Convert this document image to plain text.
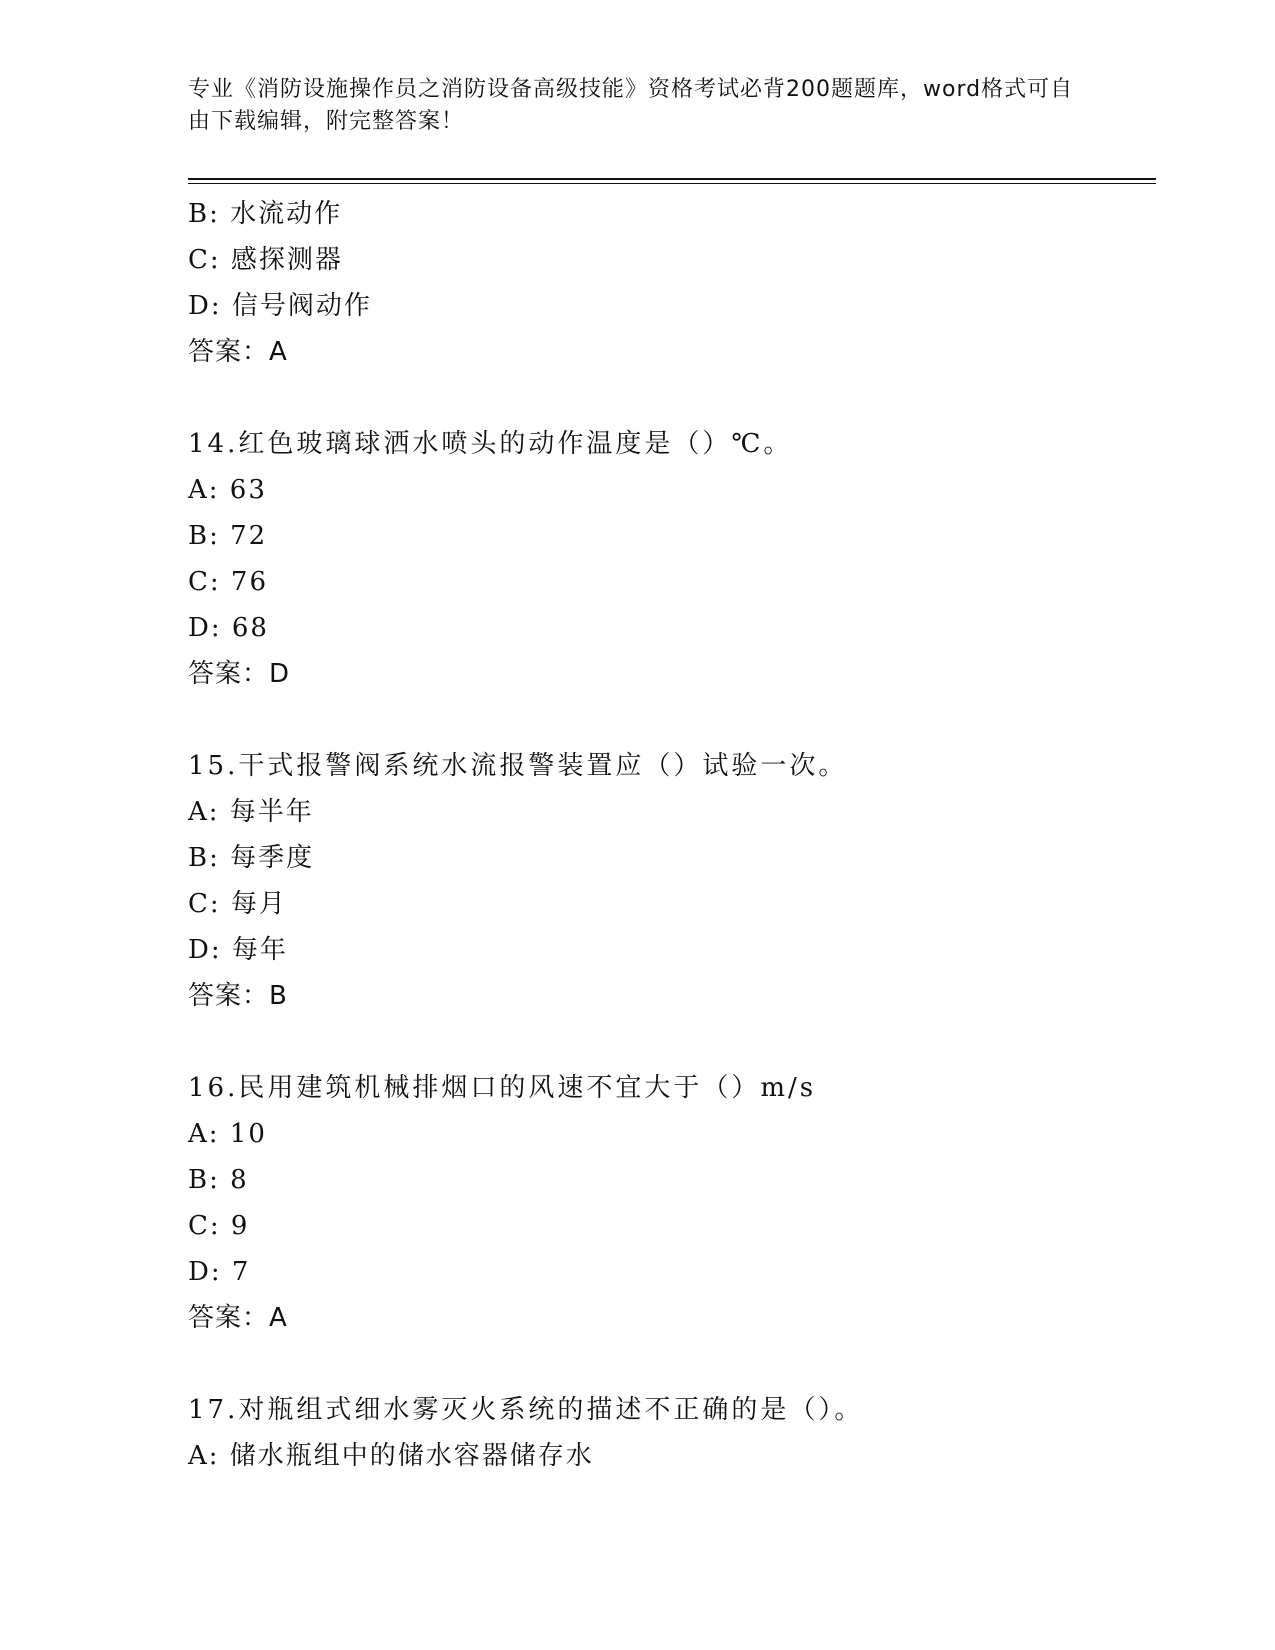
专业《消防设施操作员之消防设备高级技能》资格考试必背200题题库，word格式可自由下载编辑，附完整答案！
B: 水流动作
C: 感探测器
D: 信号阀动作
答案：A
14.红色玻璃球洒水喷头的动作温度是（）℃。
A: 63
B: 72
C: 76
D: 68
答案：D
15.干式报警阀系统水流报警装置应（）试验一次。
A: 每半年
B: 每季度
C: 每月
D: 每年
答案：B
16.民用建筑机械排烟口的风速不宜大于（）m/s
A: 10
B: 8
C: 9
D: 7
答案：A
17.对瓶组式细水雾灭火系统的描述不正确的是（）。
A: 储水瓶组中的储水容器储存水
